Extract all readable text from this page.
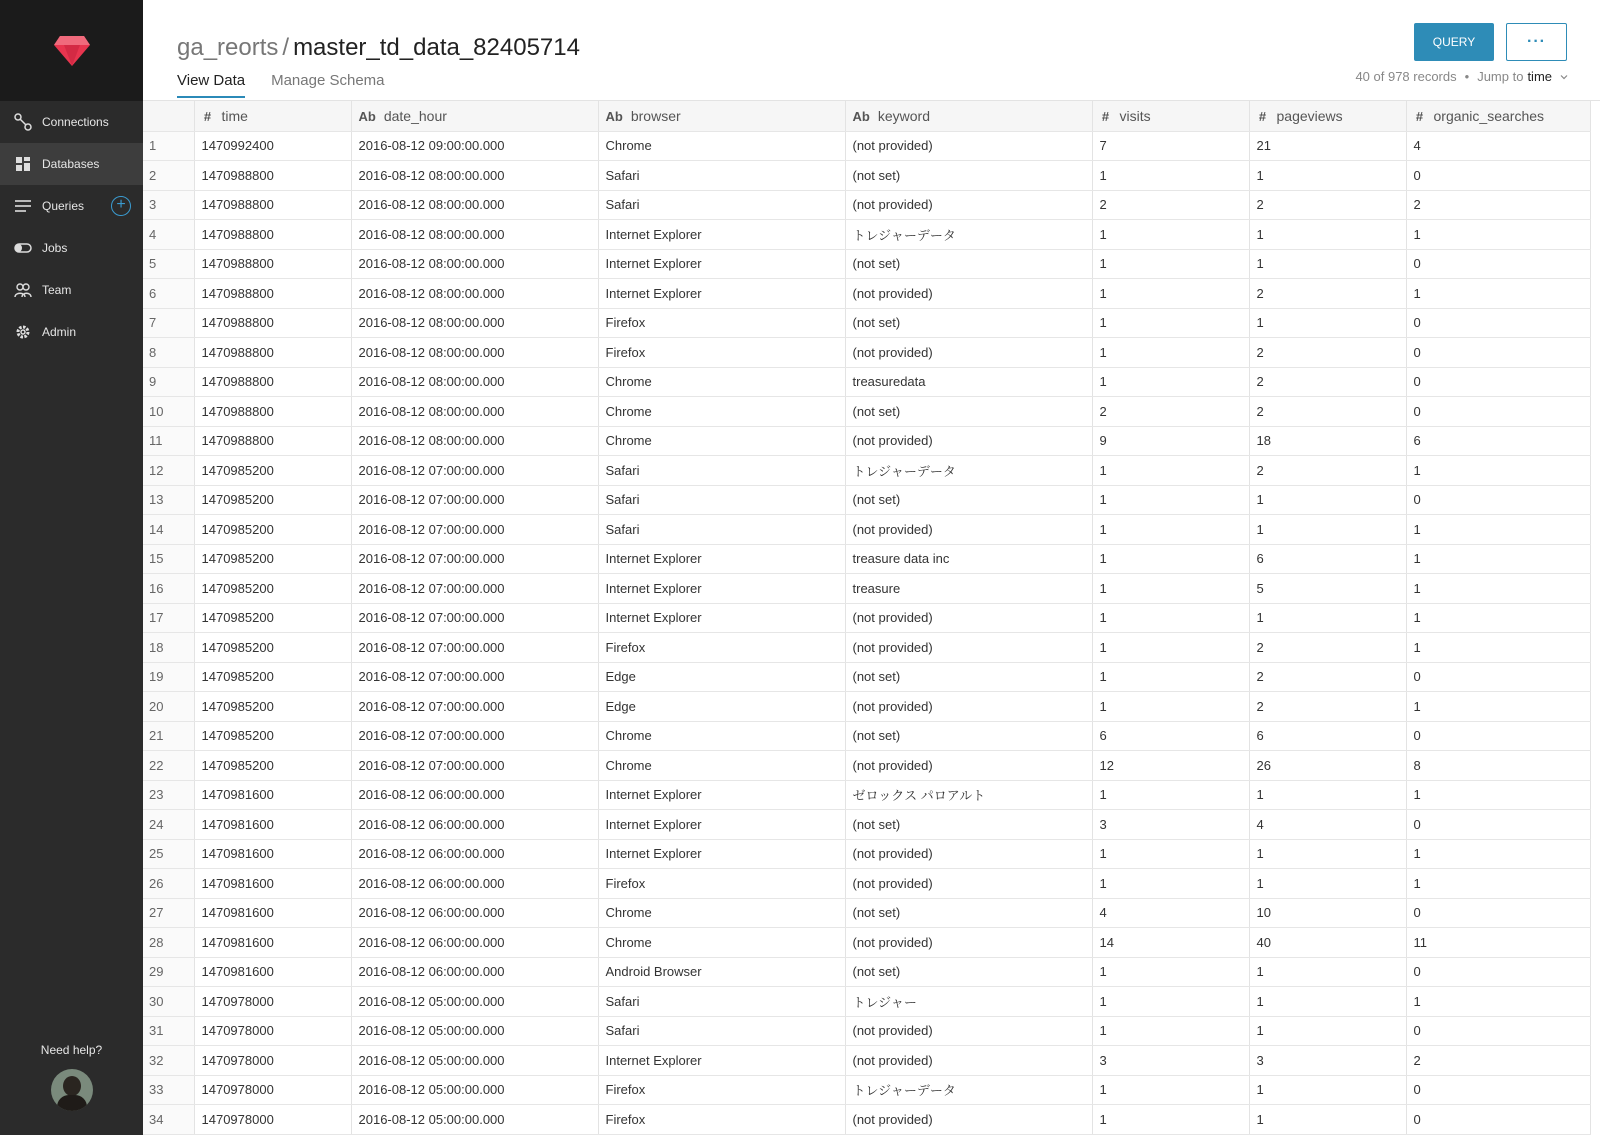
Connections
Databases
Queries	+
Jobs
Team
Admin
Need help?
ga_reorts / master_td_data_82405714
View Data Manage Schema
QUERY	···
40 of 978 records • Jump to time
	# time	Ab date_hour	Ab browser	Ab keyword	# visits	# pageviews	# organic_searches
1	1470992400	2016-08-12 09:00:00.000	Chrome	(not provided)	7	21	4
2	1470988800	2016-08-12 08:00:00.000	Safari	(not set)	1	1	0
3	1470988800	2016-08-12 08:00:00.000	Safari	(not provided)	2	2	2
4	1470988800	2016-08-12 08:00:00.000	Internet Explorer	トレジャーデータ	1	1	1
5	1470988800	2016-08-12 08:00:00.000	Internet Explorer	(not set)	1	1	0
6	1470988800	2016-08-12 08:00:00.000	Internet Explorer	(not provided)	1	2	1
7	1470988800	2016-08-12 08:00:00.000	Firefox	(not set)	1	1	0
8	1470988800	2016-08-12 08:00:00.000	Firefox	(not provided)	1	2	0
9	1470988800	2016-08-12 08:00:00.000	Chrome	treasuredata	1	2	0
10	1470988800	2016-08-12 08:00:00.000	Chrome	(not set)	2	2	0
11	1470988800	2016-08-12 08:00:00.000	Chrome	(not provided)	9	18	6
12	1470985200	2016-08-12 07:00:00.000	Safari	トレジャーデータ	1	2	1
13	1470985200	2016-08-12 07:00:00.000	Safari	(not set)	1	1	0
14	1470985200	2016-08-12 07:00:00.000	Safari	(not provided)	1	1	1
15	1470985200	2016-08-12 07:00:00.000	Internet Explorer	treasure data inc	1	6	1
16	1470985200	2016-08-12 07:00:00.000	Internet Explorer	treasure	1	5	1
17	1470985200	2016-08-12 07:00:00.000	Internet Explorer	(not provided)	1	1	1
18	1470985200	2016-08-12 07:00:00.000	Firefox	(not provided)	1	2	1
19	1470985200	2016-08-12 07:00:00.000	Edge	(not set)	1	2	0
20	1470985200	2016-08-12 07:00:00.000	Edge	(not provided)	1	2	1
21	1470985200	2016-08-12 07:00:00.000	Chrome	(not set)	6	6	0
22	1470985200	2016-08-12 07:00:00.000	Chrome	(not provided)	12	26	8
23	1470981600	2016-08-12 06:00:00.000	Internet Explorer	ゼロックス パロアルト	1	1	1
24	1470981600	2016-08-12 06:00:00.000	Internet Explorer	(not set)	3	4	0
25	1470981600	2016-08-12 06:00:00.000	Internet Explorer	(not provided)	1	1	1
26	1470981600	2016-08-12 06:00:00.000	Firefox	(not provided)	1	1	1
27	1470981600	2016-08-12 06:00:00.000	Chrome	(not set)	4	10	0
28	1470981600	2016-08-12 06:00:00.000	Chrome	(not provided)	14	40	11
29	1470981600	2016-08-12 06:00:00.000	Android Browser	(not set)	1	1	0
30	1470978000	2016-08-12 05:00:00.000	Safari	トレジャー	1	1	1
31	1470978000	2016-08-12 05:00:00.000	Safari	(not provided)	1	1	0
32	1470978000	2016-08-12 05:00:00.000	Internet Explorer	(not provided)	3	3	2
33	1470978000	2016-08-12 05:00:00.000	Firefox	トレジャーデータ	1	1	0
34	1470978000	2016-08-12 05:00:00.000	Firefox	(not provided)	1	1	0
